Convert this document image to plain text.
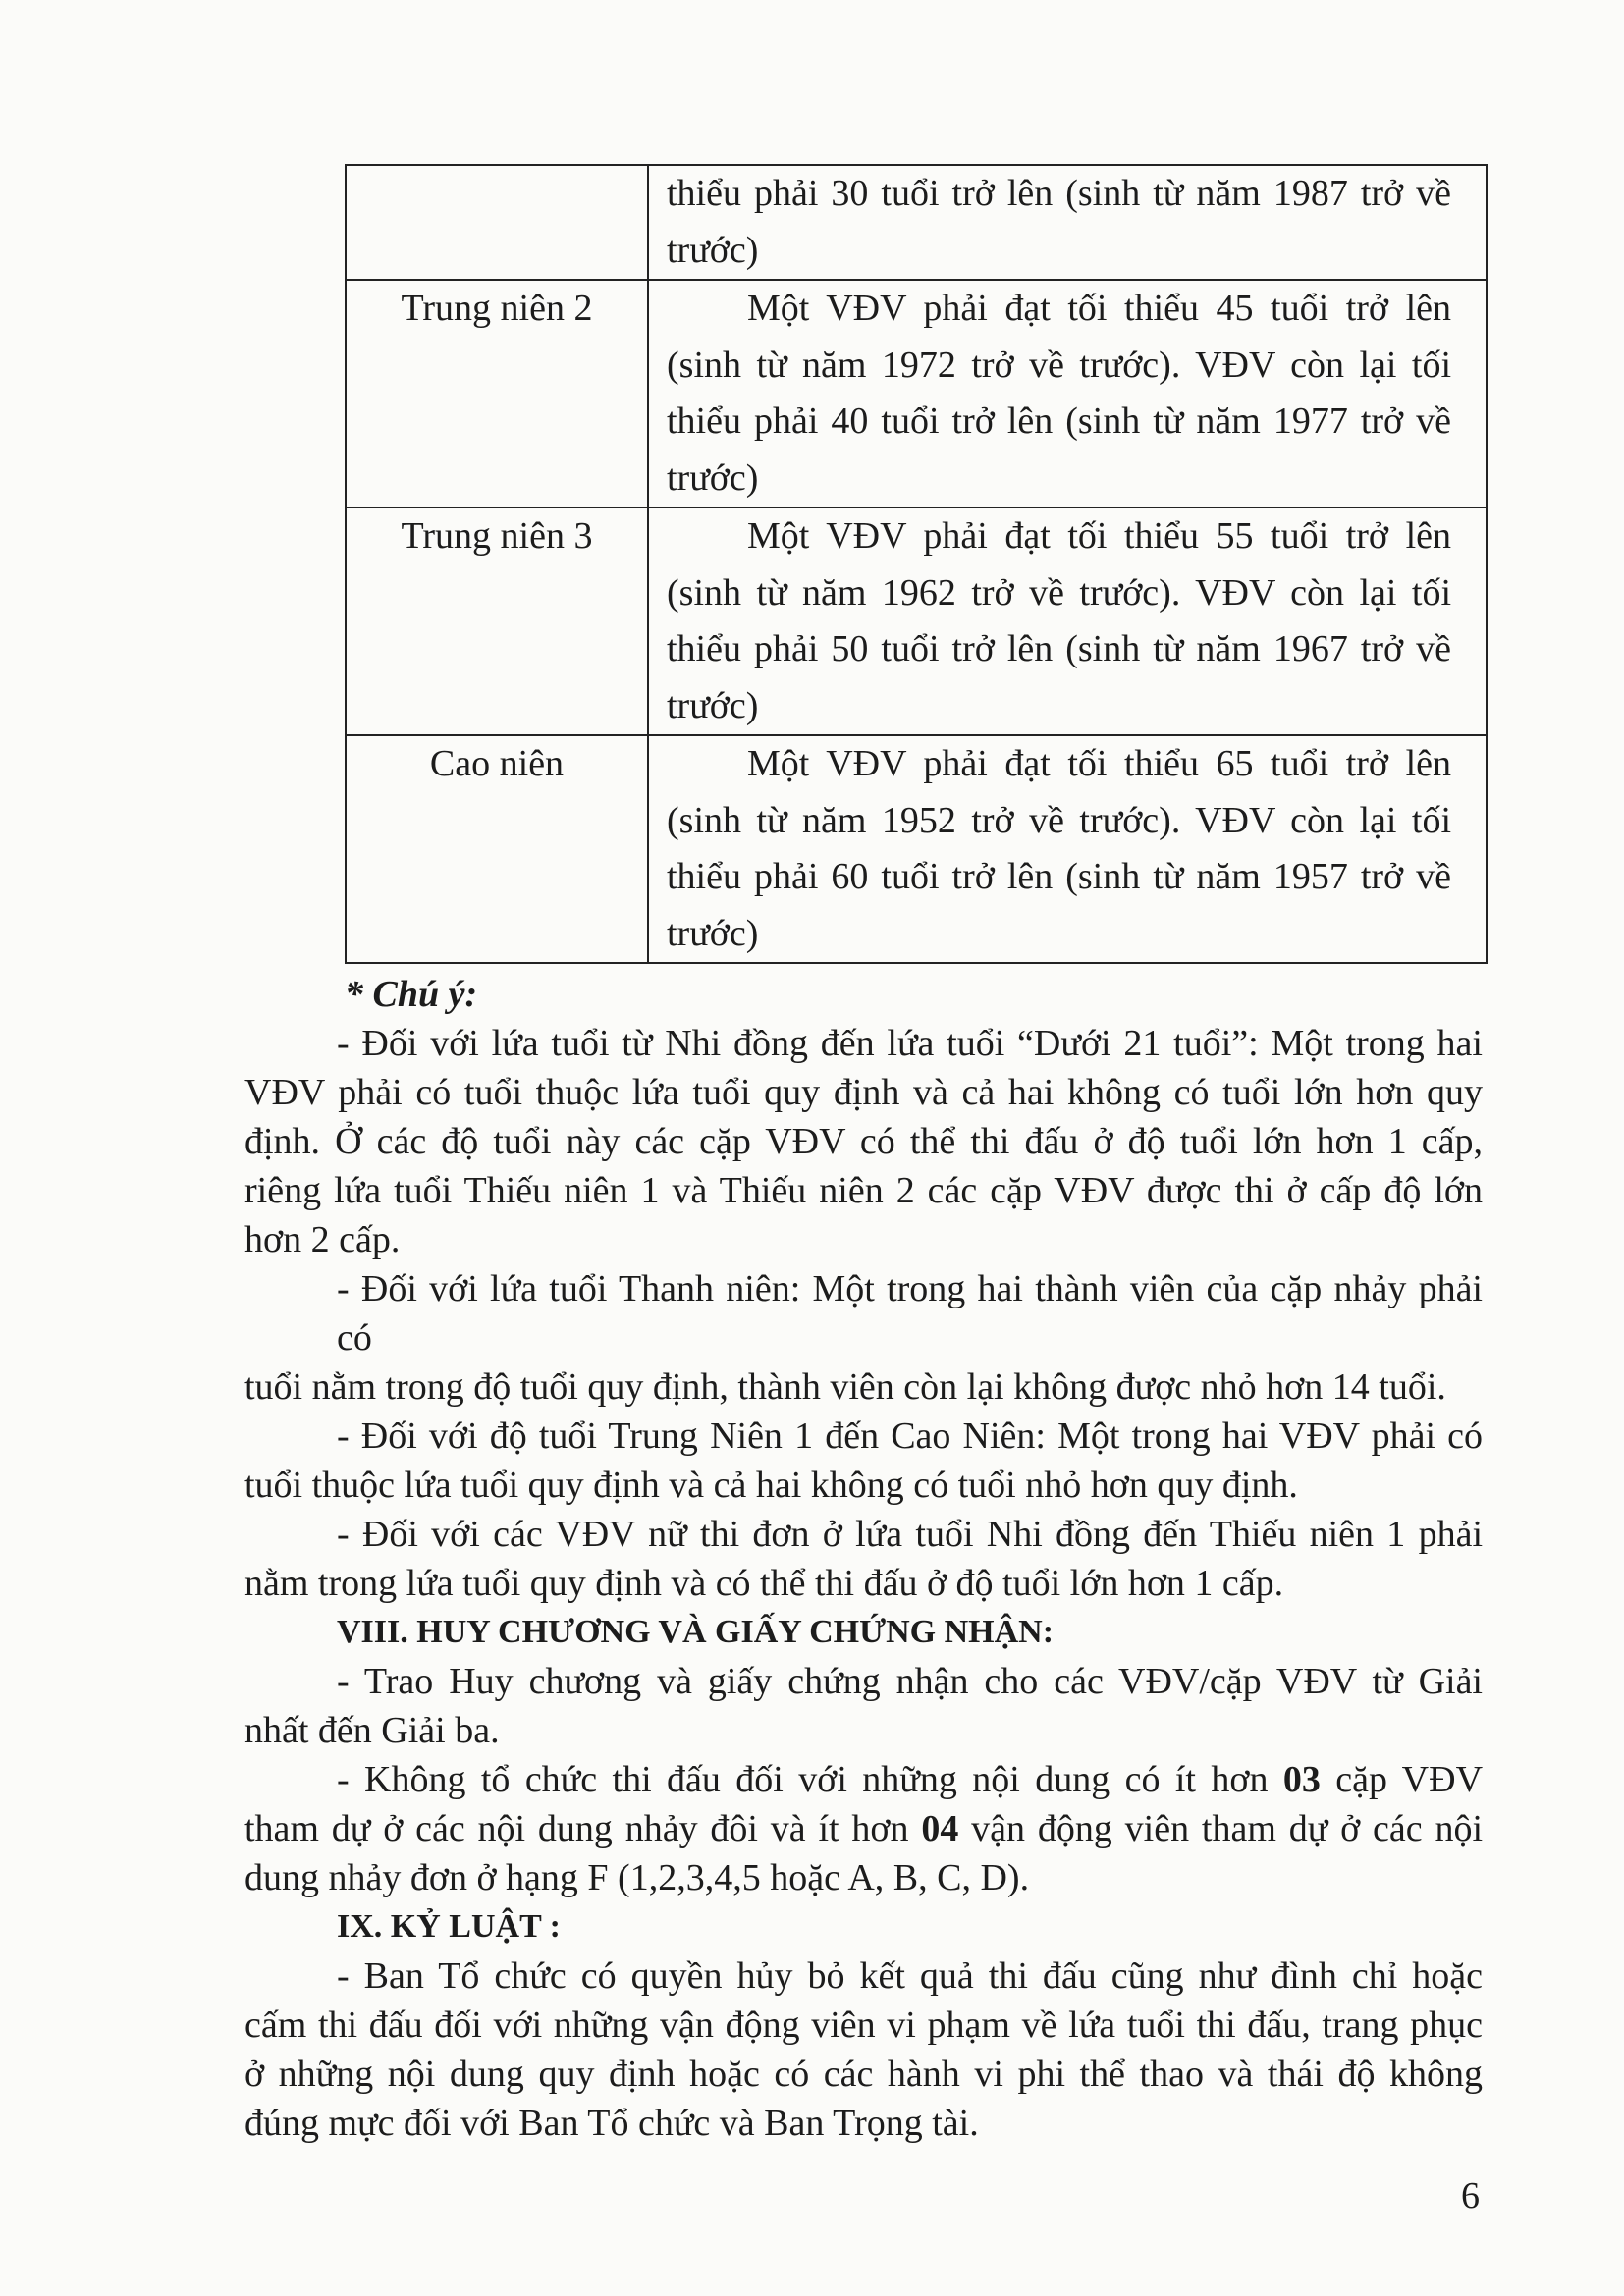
thiểu phải 30 tuổi trở lên (sinh từ năm 1987 trở về
trước)
Trung niên 2	Một VĐV phải đạt tối thiểu 45 tuổi trở lên
(sinh từ năm 1972 trở về trước). VĐV còn lại tối
thiểu phải 40 tuổi trở lên (sinh từ năm 1977 trở về
trước)
Trung niên 3	Một VĐV phải đạt tối thiểu 55 tuổi trở lên
(sinh từ năm 1962 trở về trước). VĐV còn lại tối
thiểu phải 50 tuổi trở lên (sinh từ năm 1967 trở về
trước)
Cao niên	Một VĐV phải đạt tối thiểu 65 tuổi trở lên
(sinh từ năm 1952 trở về trước). VĐV còn lại tối
thiểu phải 60 tuổi trở lên (sinh từ năm 1957 trở về
trước)
* Chú ý:
- Đối với lứa tuổi từ Nhi đồng đến lứa tuổi “Dưới 21 tuổi”: Một trong hai
VĐV phải có tuổi thuộc lứa tuổi quy định và cả hai không có tuổi lớn hơn quy
định. Ở các độ tuổi này các cặp VĐV có thể thi đấu ở độ tuổi lớn hơn 1 cấp,
riêng lứa tuổi Thiếu niên 1 và Thiếu niên 2 các cặp VĐV được thi ở cấp độ lớn
hơn 2 cấp.
- Đối với lứa tuổi Thanh niên: Một trong hai thành viên của cặp nhảy phải có
tuổi nằm trong độ tuổi quy định, thành viên còn lại không được nhỏ hơn 14 tuổi.
- Đối với độ tuổi Trung Niên 1 đến Cao Niên: Một trong hai VĐV phải có
tuổi thuộc lứa tuổi quy định và cả hai không có tuổi nhỏ hơn quy định.
- Đối với các VĐV nữ thi đơn ở lứa tuổi Nhi đồng đến Thiếu niên 1 phải
nằm trong lứa tuổi quy định và có thể thi đấu ở độ tuổi lớn hơn 1 cấp.
VIII. HUY CHƯƠNG VÀ GIẤY CHỨNG NHẬN:
- Trao Huy chương và giấy chứng nhận cho các VĐV/cặp VĐV từ Giải
nhất đến Giải ba.
- Không tổ chức thi đấu đối với những nội dung có ít hơn 03 cặp VĐV
tham dự ở các nội dung nhảy đôi và ít hơn 04 vận động viên tham dự ở các nội
dung nhảy đơn ở hạng F (1,2,3,4,5 hoặc A, B, C, D).
IX. KỶ LUẬT :
- Ban Tổ chức có quyền hủy bỏ kết quả thi đấu cũng như đình chỉ hoặc
cấm thi đấu đối với những vận động viên vi phạm về lứa tuổi thi đấu, trang phục
ở những nội dung quy định hoặc có các hành vi phi thể thao và thái độ không
đúng mực đối với Ban Tổ chức và Ban Trọng tài.
6
